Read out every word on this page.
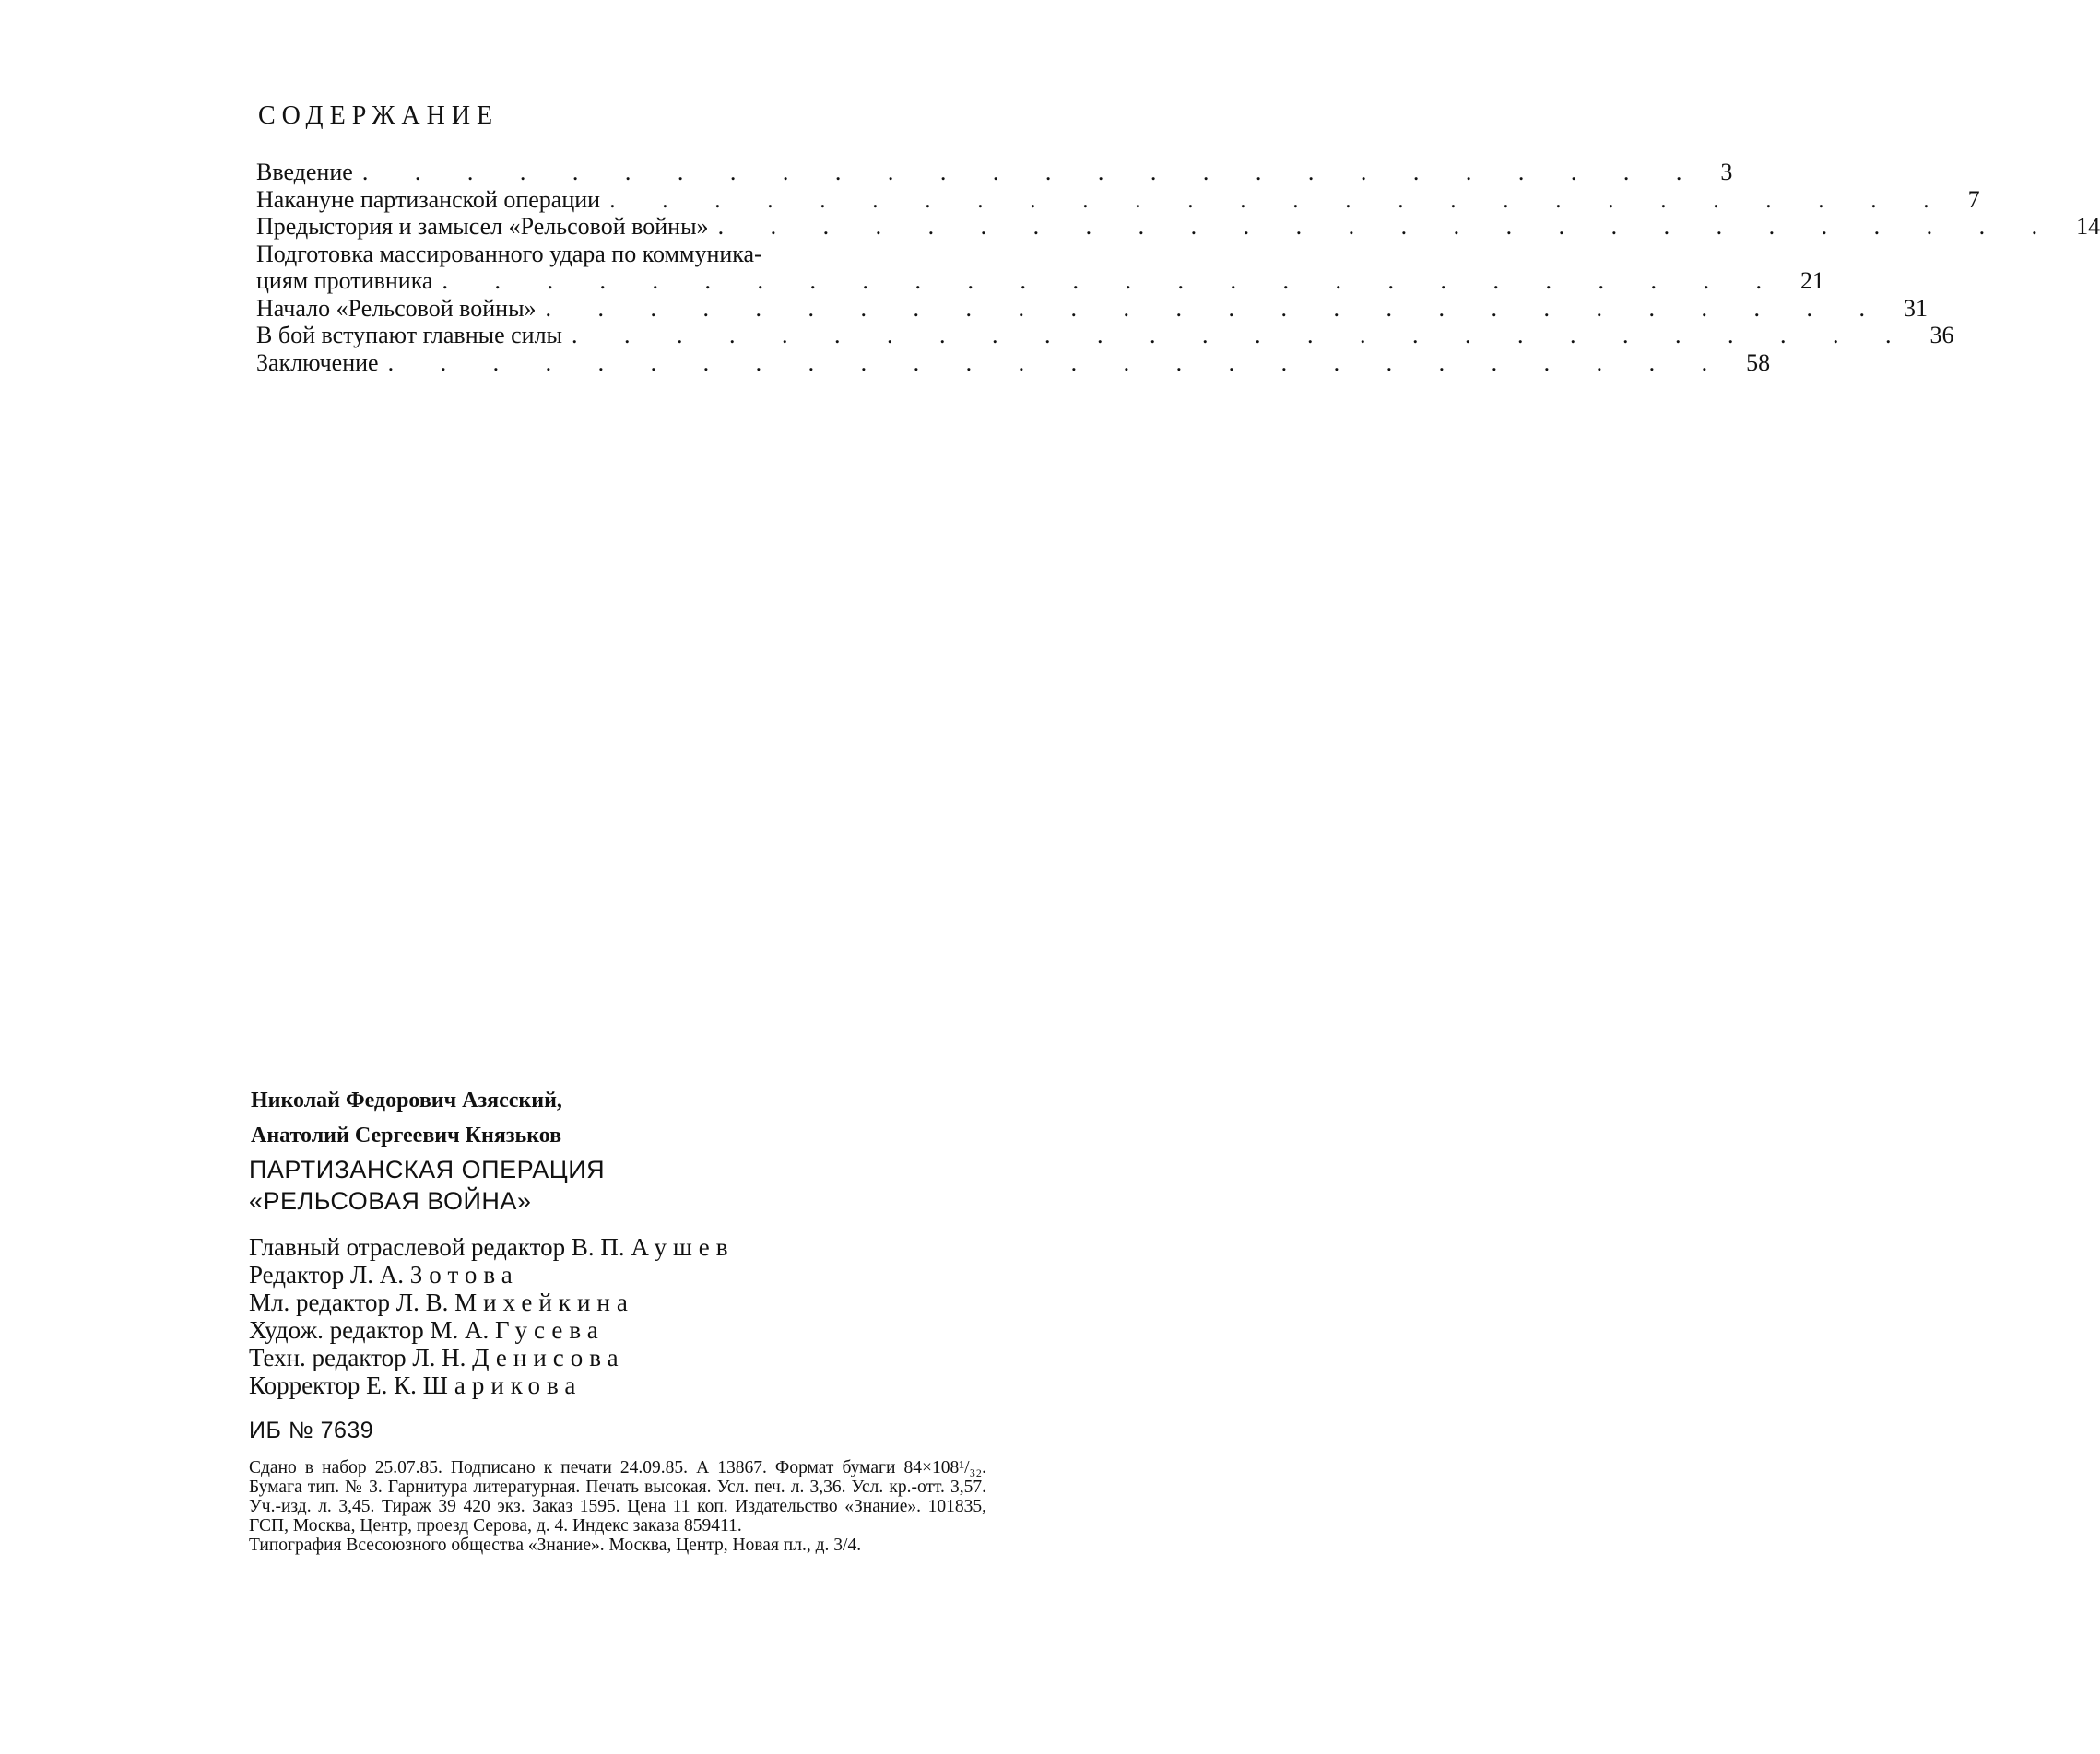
СОДЕРЖАНИЕ
Введение . . . . . . . . . . . . . . . . . . . . . . . . . . 3
Накануне партизанской операции . . . . . . . . . . . . . . . . . . . . . . . . . . 7
Предыстория и замысел «Рельсовой войны» . . . . . . . . . . . . . . . . . . . . . . . . . . 14
Подготовка массированного удара по коммуника-
циям противника . . . . . . . . . . . . . . . . . . . . . . . . . . 21
Начало «Рельсовой войны» . . . . . . . . . . . . . . . . . . . . . . . . . . 31
В бой вступают главные силы . . . . . . . . . . . . . . . . . . . . . . . . . . 36
Заключение . . . . . . . . . . . . . . . . . . . . . . . . . . 58
Николай Федорович Азясский,
Анатолий Сергеевич Князьков
ПАРТИЗАНСКАЯ ОПЕРАЦИЯ
«РЕЛЬСОВАЯ ВОЙНА»
Главный отраслевой редактор В. П. Аушев
Редактор Л. А. Зотова
Мл. редактор Л. В. Михейкина
Худож. редактор М. А. Гусева
Техн. редактор Л. Н. Денисова
Корректор Е. К. Шарикова
ИБ № 7639

Сдано в набор 25.07.85. Подписано к печати 24.09.85. А 13867. Формат бумаги 84×108¹/₃₂. Бумага тип. № 3. Гарнитура литературная. Печать высокая. Усл. печ. л. 3,36. Усл. кр.-отт. 3,57. Уч.-изд. л. 3,45. Тираж 39 420 экз. Заказ 1595. Цена 11 коп. Издательство «Знание». 101835, ГСП, Москва, Центр, проезд Серова, д. 4. Индекс заказа 859411.

Типография Всесоюзного общества «Знание». Москва, Центр, Новая пл., д. 3/4.
